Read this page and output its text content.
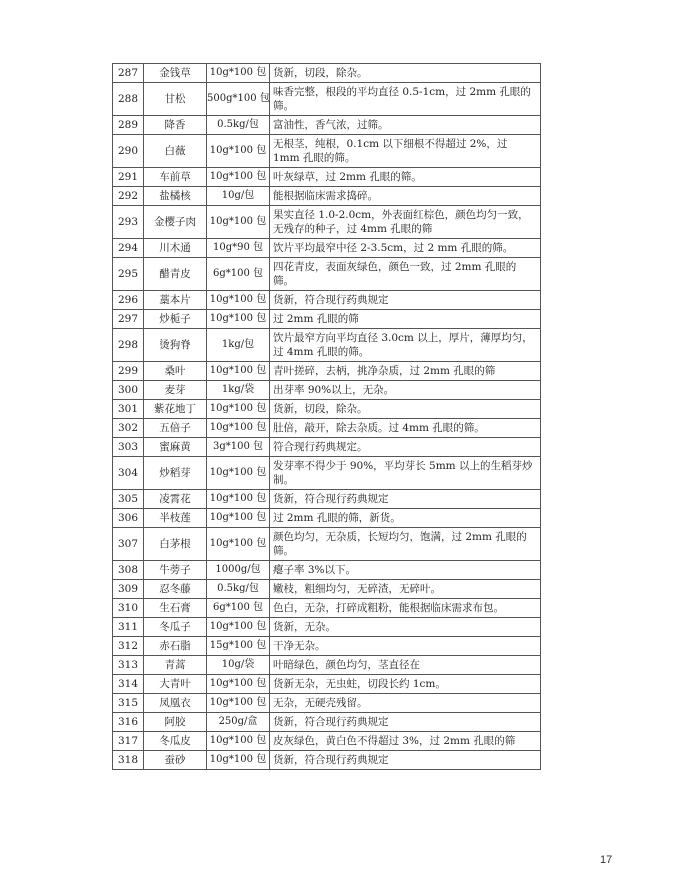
287	金钱草	10g*100 包	货新，切段，除杂。
288	甘松	500g*100 包	味香完整，根段的平均直径 0.5-1cm，过 2mm 孔眼的筛。
289	降香	0.5kg/包	富油性，香气浓，过筛。
290	白薇	10g*100 包	无根茎，纯根，0.1cm 以下细根不得超过 2%，过 1mm 孔眼的筛。
291	车前草	10g*100 包	叶灰绿草，过 2mm 孔眼的筛。
292	盐橘核	10g/包	能根据临床需求捣碎。
293	金樱子肉	10g*100 包	果实直径 1.0-2.0cm，外表面红棕色，颜色均匀一致，无残存的种子，过 4mm 孔眼的筛
294	川木通	10g*90 包	饮片平均最窄中径 2-3.5cm，过 2 mm 孔眼的筛。
295	醋青皮	6g*100 包	四花青皮，表面灰绿色，颜色一致，过 2mm 孔眼的筛。
296	藁本片	10g*100 包	货新，符合现行药典规定
297	炒栀子	10g*100 包	过 2mm 孔眼的筛
298	烫狗脊	1kg/包	饮片最窄方向平均直径 3.0cm 以上，厚片，薄厚均匀，过 4mm 孔眼的筛。
299	桑叶	10g*100 包	青叶搓碎，去柄，挑净杂质，过 2mm 孔眼的筛
300	麦芽	1kg/袋	出芽率 90%以上，无杂。
301	紫花地丁	10g*100 包	货新，切段，除杂。
302	五倍子	10g*100 包	肚倍，敲开，除去杂质。过 4mm 孔眼的筛。
303	蜜麻黄	3g*100 包	符合现行药典规定。
304	炒稻芽	10g*100 包	发芽率不得少于 90%，平均芽长 5mm 以上的生稻芽炒制。
305	凌霄花	10g*100 包	货新，符合现行药典规定
306	半枝莲	10g*100 包	过 2mm 孔眼的筛，新货。
307	白茅根	10g*100 包	颜色均匀，无杂质，长短均匀，饱满，过 2mm 孔眼的筛。
308	牛蒡子	1000g/包	瘪子率 3%以下。
309	忍冬藤	0.5kg/包	嫩枝，粗细均匀，无碎渣，无碎叶。
310	生石膏	6g*100 包	色白，无杂，打碎成粗粉，能根据临床需求布包。
311	冬瓜子	10g*100 包	货新，无杂。
312	赤石脂	15g*100 包	干净无杂。
313	青蒿	10g/袋	叶暗绿色，颜色均匀，茎直径在
314	大青叶	10g*100 包	货新无杂，无虫蛀，切段长约 1cm。
315	凤凰衣	10g*100 包	无杂，无硬壳残留。
316	阿胶	250g/盒	货新，符合现行药典规定
317	冬瓜皮	10g*100 包	皮灰绿色，黄白色不得超过 3%，过 2mm 孔眼的筛
318	蚕砂	10g*100 包	货新，符合现行药典规定
17
